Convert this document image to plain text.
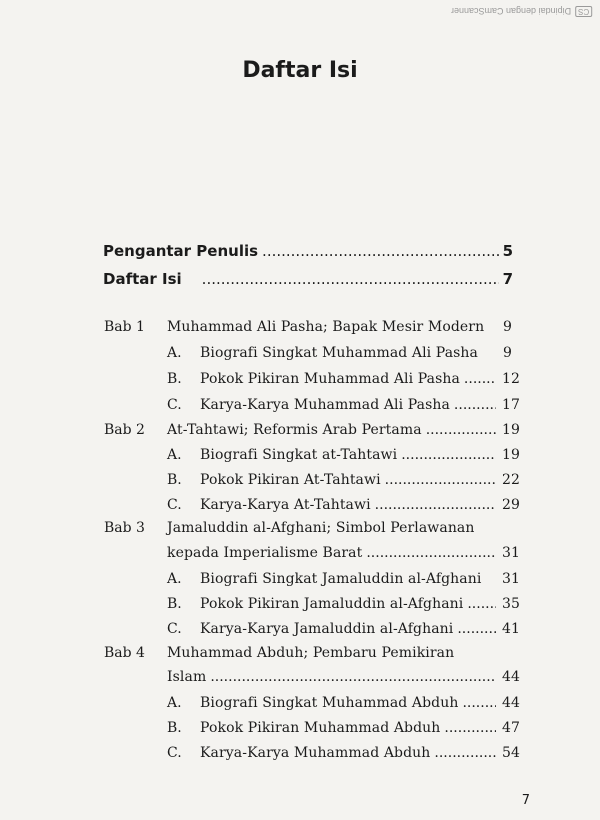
CS
Dipindai dengan CamScanner
Daftar Isi
Pengantar Penulis .....	5
Daftar Isi .....	7
Bab 1 Muhammad Ali Pasha; Bapak Mesir Modern	9
A. Biografi Singkat Muhammad Ali Pasha	9
B. Pokok Pikiran Muhammad Ali Pasha .....	12
C. Karya-Karya Muhammad Ali Pasha .....	17
Bab 2 At-Tahtawi; Reformis Arab Pertama .....	19
A. Biografi Singkat at-Tahtawi .....	19
B. Pokok Pikiran At-Tahtawi .....	22
C. Karya-Karya At-Tahtawi .....	29
Bab 3 Jamaluddin al-Afghani; Simbol Perlawanan
kepada Imperialisme Barat .....	31
A. Biografi Singkat Jamaluddin al-Afghani 31
B. Pokok Pikiran Jamaluddin al-Afghani .....	35
C. Karya-Karya Jamaluddin al-Afghani .....	41
Bab 4 Muhammad Abduh; Pembaru Pemikiran
Islam .....	44
A. Biografi Singkat Muhammad Abduh .....	44
B. Pokok Pikiran Muhammad Abduh .....	47
C. Karya-Karya Muhammad Abduh .....	54
7
